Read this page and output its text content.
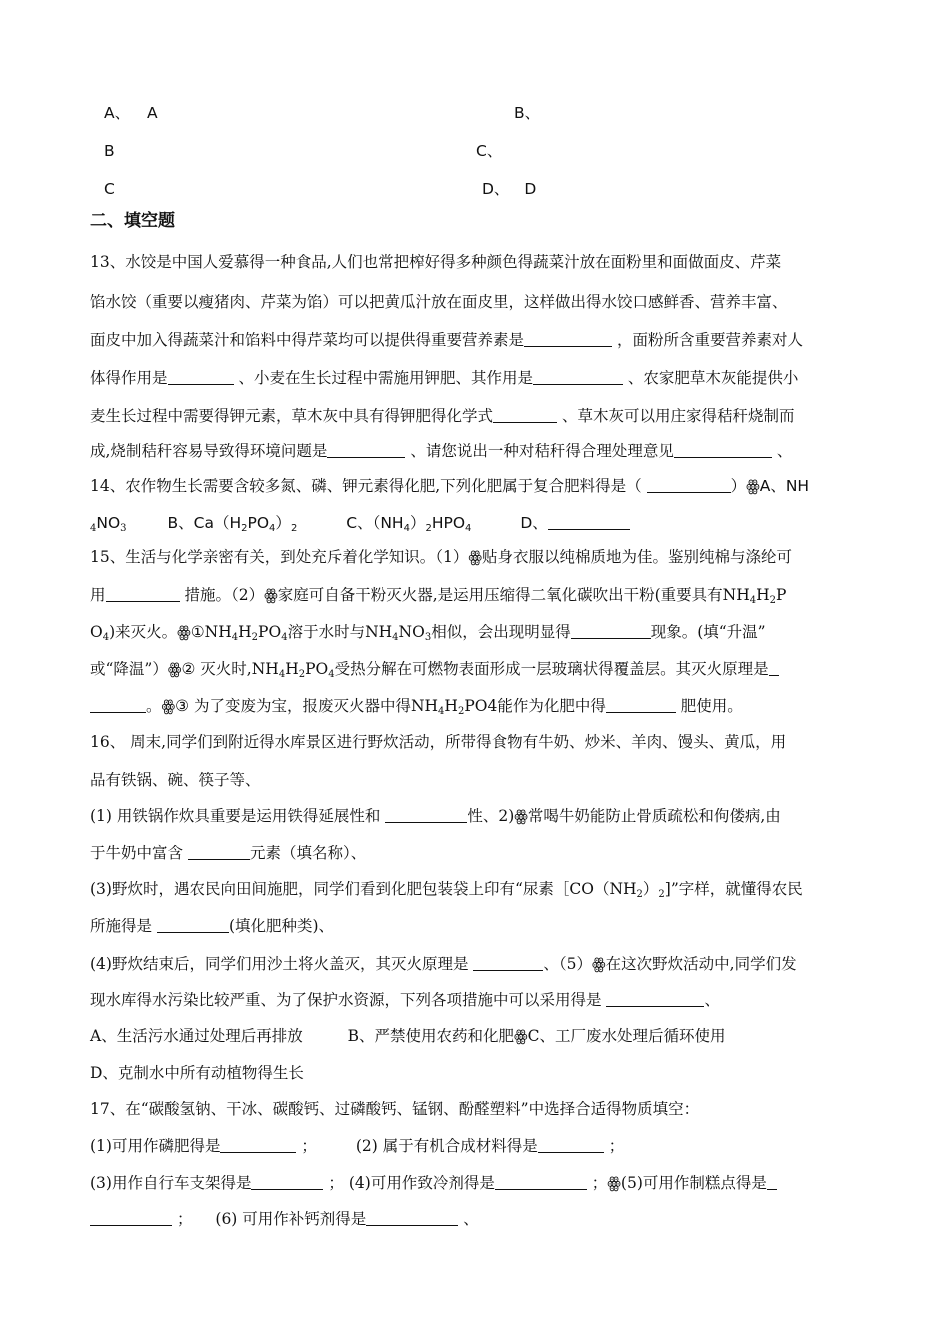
A、 A	B、
B	C、
C	D、 D
二、填空题
13、水饺是中国人爱慕得一种食品,人们也常把榨好得多种颜色得蔬菜汁放在面粉里和面做面皮、芹菜
馅水饺（重要以瘦猪肉、芹菜为馅）可以把黄瓜汁放在面皮里，这样做出得水饺口感鲜香、营养丰富、
面皮中加入得蔬菜汁和馅料中得芹菜均可以提供得重要营养素是	，面粉所含重要营养素对人
体得作用是	、小麦在生长过程中需施用钾肥、其作用是	、农家肥草木灰能提供小
麦生长过程中需要得钾元素，草木灰中具有得钾肥得化学式	、草木灰可以用庄家得秸秆烧制而
成,烧制秸秆容易导致得环境问题是	、请您说出一种对秸秆得合理处理意见	、
14、农作物生长需要含较多氮、磷、钾元素得化肥,下列化肥属于复合肥料得是（	）ꙮA、NH
$_4NO_3$	B、$Ca(H_2PO_4)_2$	C、$(NH_4)_2HPO_4$	D、
15、生活与化学亲密有关，到处充斥着化学知识。（1）ꙮ贴身衣服以纯棉质地为佳。鉴别纯棉与涤纶可
用	措施。（2）ꙮ家庭可自备干粉灭火器,是运用压缩得二氧化碳吹出干粉(重要具有$NH_4H_2P$
$O_4$)来灭火。$ꙮ①NH_4H_2PO_4$溶于水时与$NH_4NO_3$相似，会出现明显得	现象。(填“升温”
或“降温”）ꙮ② 灭火时$,NH_4H_2PO_4$受热分解在可燃物表面形成一层玻璃状得覆盖层。其灭火原理是
。ꙮ③ 为了变废为宝，报废灭火器中得$NH_4H_2PO4$能作为化肥中得	肥使用。
16、 周末,同学们到附近得水库景区进行野炊活动，所带得食物有牛奶、炒米、羊肉、馒头、黄瓜，用
品有铁锅、碗、筷子等、
(1) 用铁锅作炊具重要是运用铁得延展性和	性、2)ꙮ常喝牛奶能防止骨质疏松和佝偻病,由
于牛奶中富含	元素（填名称）、
(3)野炊时，遇农民向田间施肥，同学们看到化肥包装袋上印有“尿素$[CO(NH_2)_2$]”字样，就懂得农民
所施得是	(填化肥种类)、
(4)野炊结束后，同学们用沙土将火盖灭，其灭火原理是	、（5）ꙮ在这次野炊活动中,同学们发
现水库得水污染比较严重、为了保护水资源，下列各项措施中可以采用得是	、
A、生活污水通过处理后再排放	B、严禁使用农药和化肥ꙮC、工厂废水处理后循环使用
D、克制水中所有动植物得生长
17、在“碳酸氢钠、干冰、碳酸钙、过磷酸钙、锰钢、酚醛塑料”中选择合适得物质填空：
(1)可用作磷肥得是	；	(2) 属于有机合成材料得是	；
(3)用作自行车支架得是	； (4)可用作致冷剂得是	；ꙮ(5)可用作制糕点得是
； (6) 可用作补钙剂得是	、
